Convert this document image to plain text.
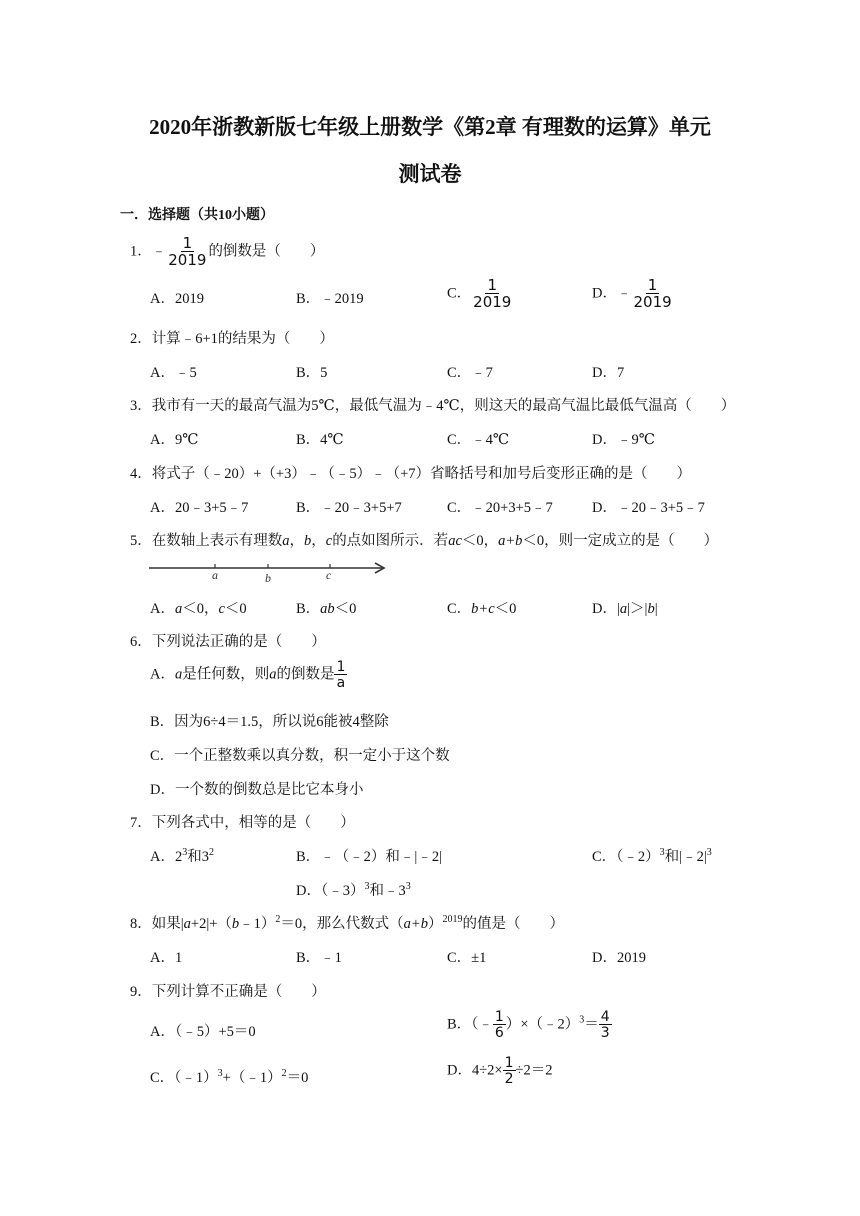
2020年浙教新版七年级上册数学《第2章 有理数的运算》单元
测试卷
一．选择题（共10小题）
1．﹣ $\frac{1}{2019}$ 的倒数是（　　）
A．2019	B．﹣2019	C． $\frac{1}{2019}$	D．﹣ $\frac{1}{2019}$
2．计算﹣6+1的结果为（　　）
A．﹣5	B．5	C．﹣7	D．7
3．我市有一天的最高气温为5℃，最低气温为﹣4℃，则这天的最高气温比最低气温高（　　）
A．9℃	B．4℃	C．﹣4℃	D．﹣9℃
4．将式子（﹣20）+（+3）﹣（﹣5）﹣（+7）省略括号和加号后变形正确的是（　　）
A．20﹣3+5﹣7	B．﹣20﹣3+5+7	C．﹣20+3+5﹣7	D．﹣20﹣3+5﹣7
5．在数轴上表示有理数a，b，c的点如图所示．若ac＜0，a+b＜0，则一定成立的是（　　）
a	b	c
A．a＜0，c＜0	B．ab＜0	C．b+c＜0	D．|a|＞|b|
6．下列说法正确的是（　　）
A．a是任何数，则a的倒数是 $\frac{1}{a}$
B．因为6÷4＝1.5，所以说6能被4整除
C．一个正整数乘以真分数，积一定小于这个数
D．一个数的倒数总是比它本身小
7．下列各式中，相等的是（　　）
A．$2^3$和$3^2$	B．﹣（﹣2）和﹣|﹣2|	C．（﹣2）$^3$和$|﹣2|^3$
D．（﹣3）$^3$和$﹣3^3$
8．如果|a+2|+（b﹣1）$^2$＝0，那么代数式$(a+b)^{2019}$的值是（　　）
A．1	B．﹣1	C．±1	D．2019
9．下列计算不正确是（　　）
A．（﹣5）+5＝0	B．（﹣ $\frac{1}{6}$ ）×（﹣2）$^3$＝ $\frac{4}{3}$
C．（﹣1）$^3$+（﹣1）$^2$＝0	D．$4\div 2\times \frac{1}{2} \div 2=2$
